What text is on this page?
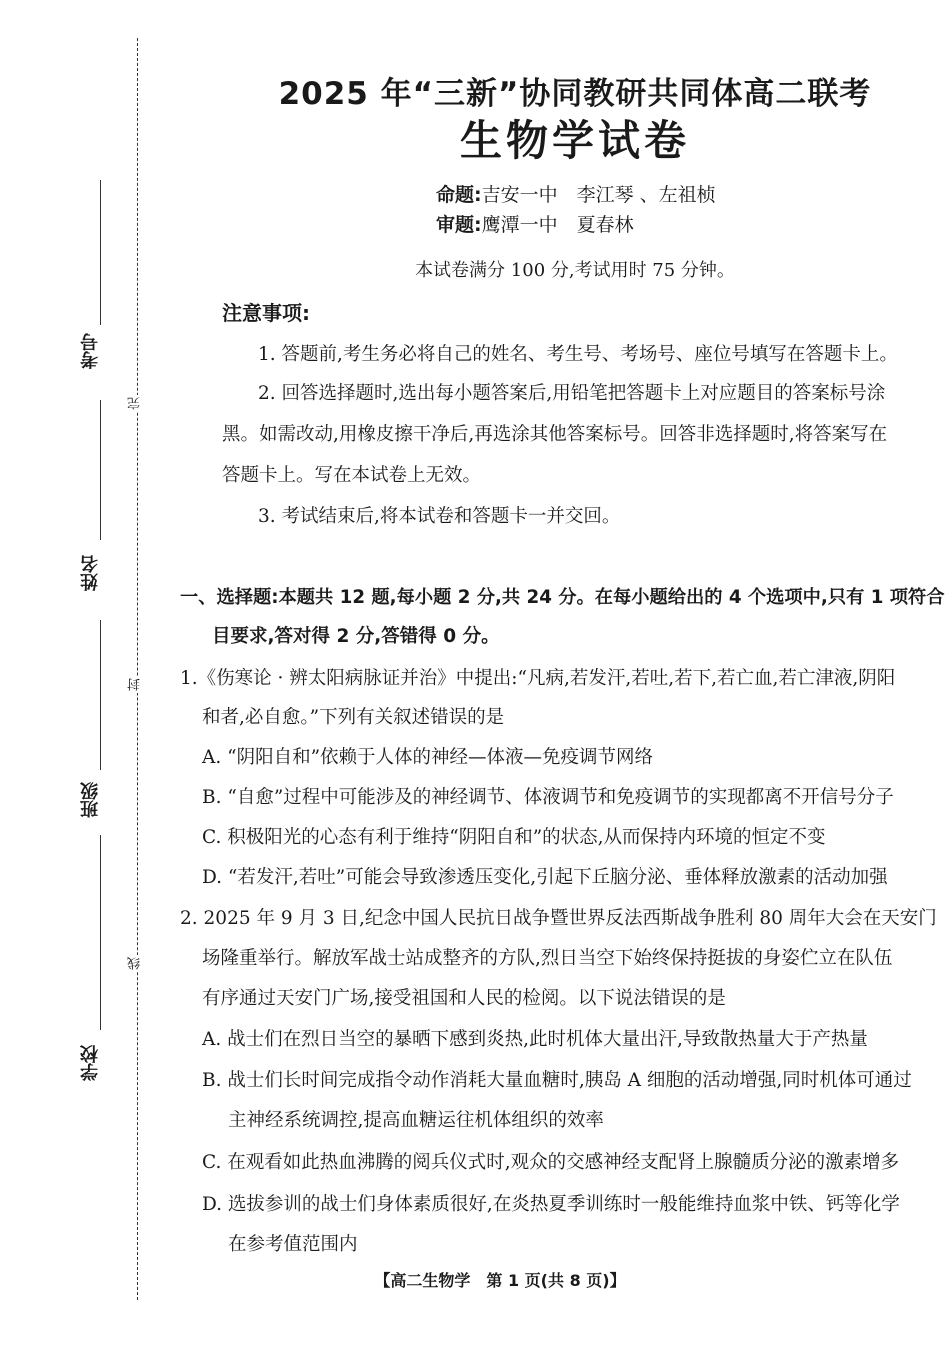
考号
姓名
班级
学校
完
封
线
2025 年“三新”协同教研共同体高二联考
生物学试卷
命题:吉安一中　李江琴 、左祖桢
审题:鹰潭一中　夏春林
本试卷满分 100 分,考试用时 75 分钟。
注意事项:
1. 答题前,考生务必将自己的姓名、考生号、考场号、座位号填写在答题卡上。
2. 回答选择题时,选出每小题答案后,用铅笔把答题卡上对应题目的答案标号涂
黑。如需改动,用橡皮擦干净后,再选涂其他答案标号。回答非选择题时,将答案写在
答题卡上。写在本试卷上无效。
3. 考试结束后,将本试卷和答题卡一并交回。
一、选择题:本题共 12 题,每小题 2 分,共 24 分。在每小题给出的 4 个选项中,只有 1 项符合
目要求,答对得 2 分,答错得 0 分。
1.《伤寒论 · 辨太阳病脉证并治》中提出:“凡病,若发汗,若吐,若下,若亡血,若亡津液,阴阳
和者,必自愈。”下列有关叙述错误的是
A. “阴阳自和”依赖于人体的神经—体液—免疫调节网络
B. “自愈”过程中可能涉及的神经调节、体液调节和免疫调节的实现都离不开信号分子
C. 积极阳光的心态有利于维持“阴阳自和”的状态,从而保持内环境的恒定不变
D. “若发汗,若吐”可能会导致渗透压变化,引起下丘脑分泌、垂体释放激素的活动加强
2. 2025 年 9 月 3 日,纪念中国人民抗日战争暨世界反法西斯战争胜利 80 周年大会在天安门
场隆重举行。解放军战士站成整齐的方队,烈日当空下始终保持挺拔的身姿伫立在队伍
有序通过天安门广场,接受祖国和人民的检阅。以下说法错误的是
A. 战士们在烈日当空的暴晒下感到炎热,此时机体大量出汗,导致散热量大于产热量
B. 战士们长时间完成指令动作消耗大量血糖时,胰岛 A 细胞的活动增强,同时机体可通过
主神经系统调控,提高血糖运往机体组织的效率
C. 在观看如此热血沸腾的阅兵仪式时,观众的交感神经支配肾上腺髓质分泌的激素增多
D. 选拔参训的战士们身体素质很好,在炎热夏季训练时一般能维持血浆中铁、钙等化学
在参考值范围内
【高二生物学　第 1 页(共 8 页)】
